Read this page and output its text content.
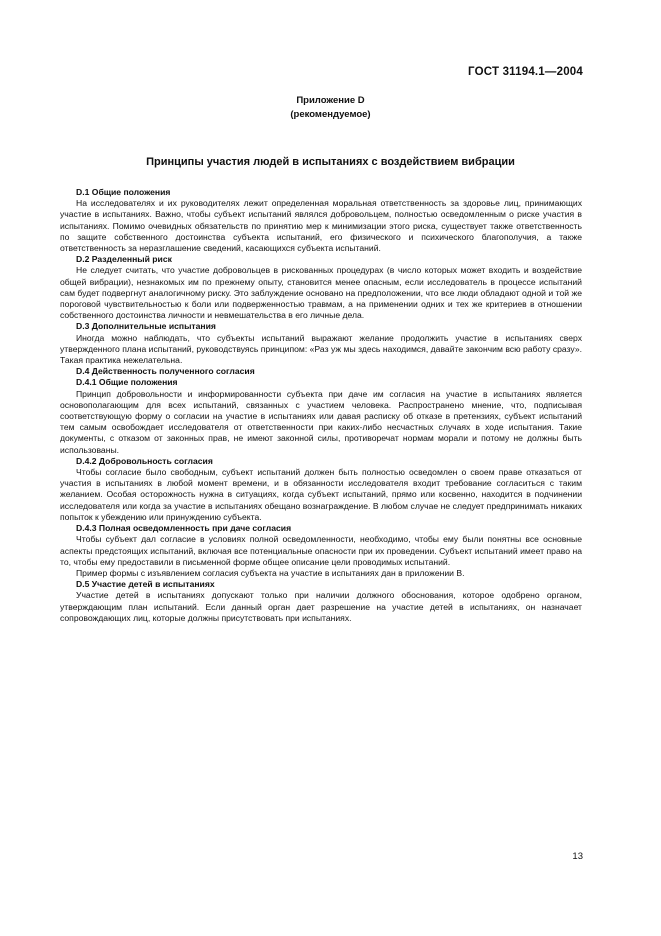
ГОСТ 31194.1—2004
Приложение D
(рекомендуемое)
Принципы участия людей в испытаниях с воздействием вибрации

D.1 Общие положения

На исследователях и их руководителях лежит определенная моральная ответственность за здоровье лиц, принимающих участие в испытаниях. Важно, чтобы субъект испытаний являлся добровольцем, полностью осведомленным о риске участия в испытаниях. Помимо очевидных обязательств по принятию мер к минимизации этого риска, существует также ответственность по защите собственного достоинства субъекта испытаний, его физического и психического благополучия, а также ответственность за неразглашение сведений, касающихся субъекта испытаний.

D.2 Разделенный риск

Не следует считать, что участие добровольцев в рискованных процедурах (в число которых может входить и воздействие общей вибрации), незнакомых им по прежнему опыту, становится менее опасным, если исследователь в процессе испытаний сам будет подвергнут аналогичному риску. Это заблуждение основано на предположении, что все люди обладают одной и той же пороговой чувствительностью к боли или подверженностью травмам, а на применении одних и тех же критериев в отношении собственного достоинства личности и невмешательства в его личные дела.

D.3 Дополнительные испытания

Иногда можно наблюдать, что субъекты испытаний выражают желание продолжить участие в испытаниях сверх утвержденного плана испытаний, руководствуясь принципом: «Раз уж мы здесь находимся, давайте закончим всю работу сразу». Такая практика нежелательна.

D.4 Действенность полученного согласия

D.4.1 Общие положения

Принцип добровольности и информированности субъекта при даче им согласия на участие в испытаниях является основополагающим для всех испытаний, связанных с участием человека. Распространено мнение, что, подписывая соответствующую форму о согласии на участие в испытаниях или давая расписку об отказе в претензиях, субъект испытаний тем самым освобождает исследователя от ответственности при каких-либо несчастных случаях в ходе испытания. Такие документы, с отказом от законных прав, не имеют законной силы, противоречат нормам морали и потому не должны быть использованы.

D.4.2 Добровольность согласия

Чтобы согласие было свободным, субъект испытаний должен быть полностью осведомлен о своем праве отказаться от участия в испытаниях в любой момент времени, и в обязанности исследователя входит требование согласиться с таким желанием. Особая осторожность нужна в ситуациях, когда субъект испытаний, прямо или косвенно, находится в подчинении исследователя или когда за участие в испытаниях обещано вознаграждение. В любом случае не следует предпринимать никаких попыток к убеждению или принуждению субъекта.

D.4.3 Полная осведомленность при даче согласия

Чтобы субъект дал согласие в условиях полной осведомленности, необходимо, чтобы ему были понятны все основные аспекты предстоящих испытаний, включая все потенциальные опасности при их проведении. Субъект испытаний имеет право на то, чтобы ему предоставили в письменной форме общее описание цели проводимых испытаний.

Пример формы с изъявлением согласия субъекта на участие в испытаниях дан в приложении В.

D.5 Участие детей в испытаниях

Участие детей в испытаниях допускают только при наличии должного обоснования, которое одобрено органом, утверждающим план испытаний. Если данный орган дает разрешение на участие детей в испытаниях, он назначает сопровождающих лиц, которые должны присутствовать при испытаниях.

13
